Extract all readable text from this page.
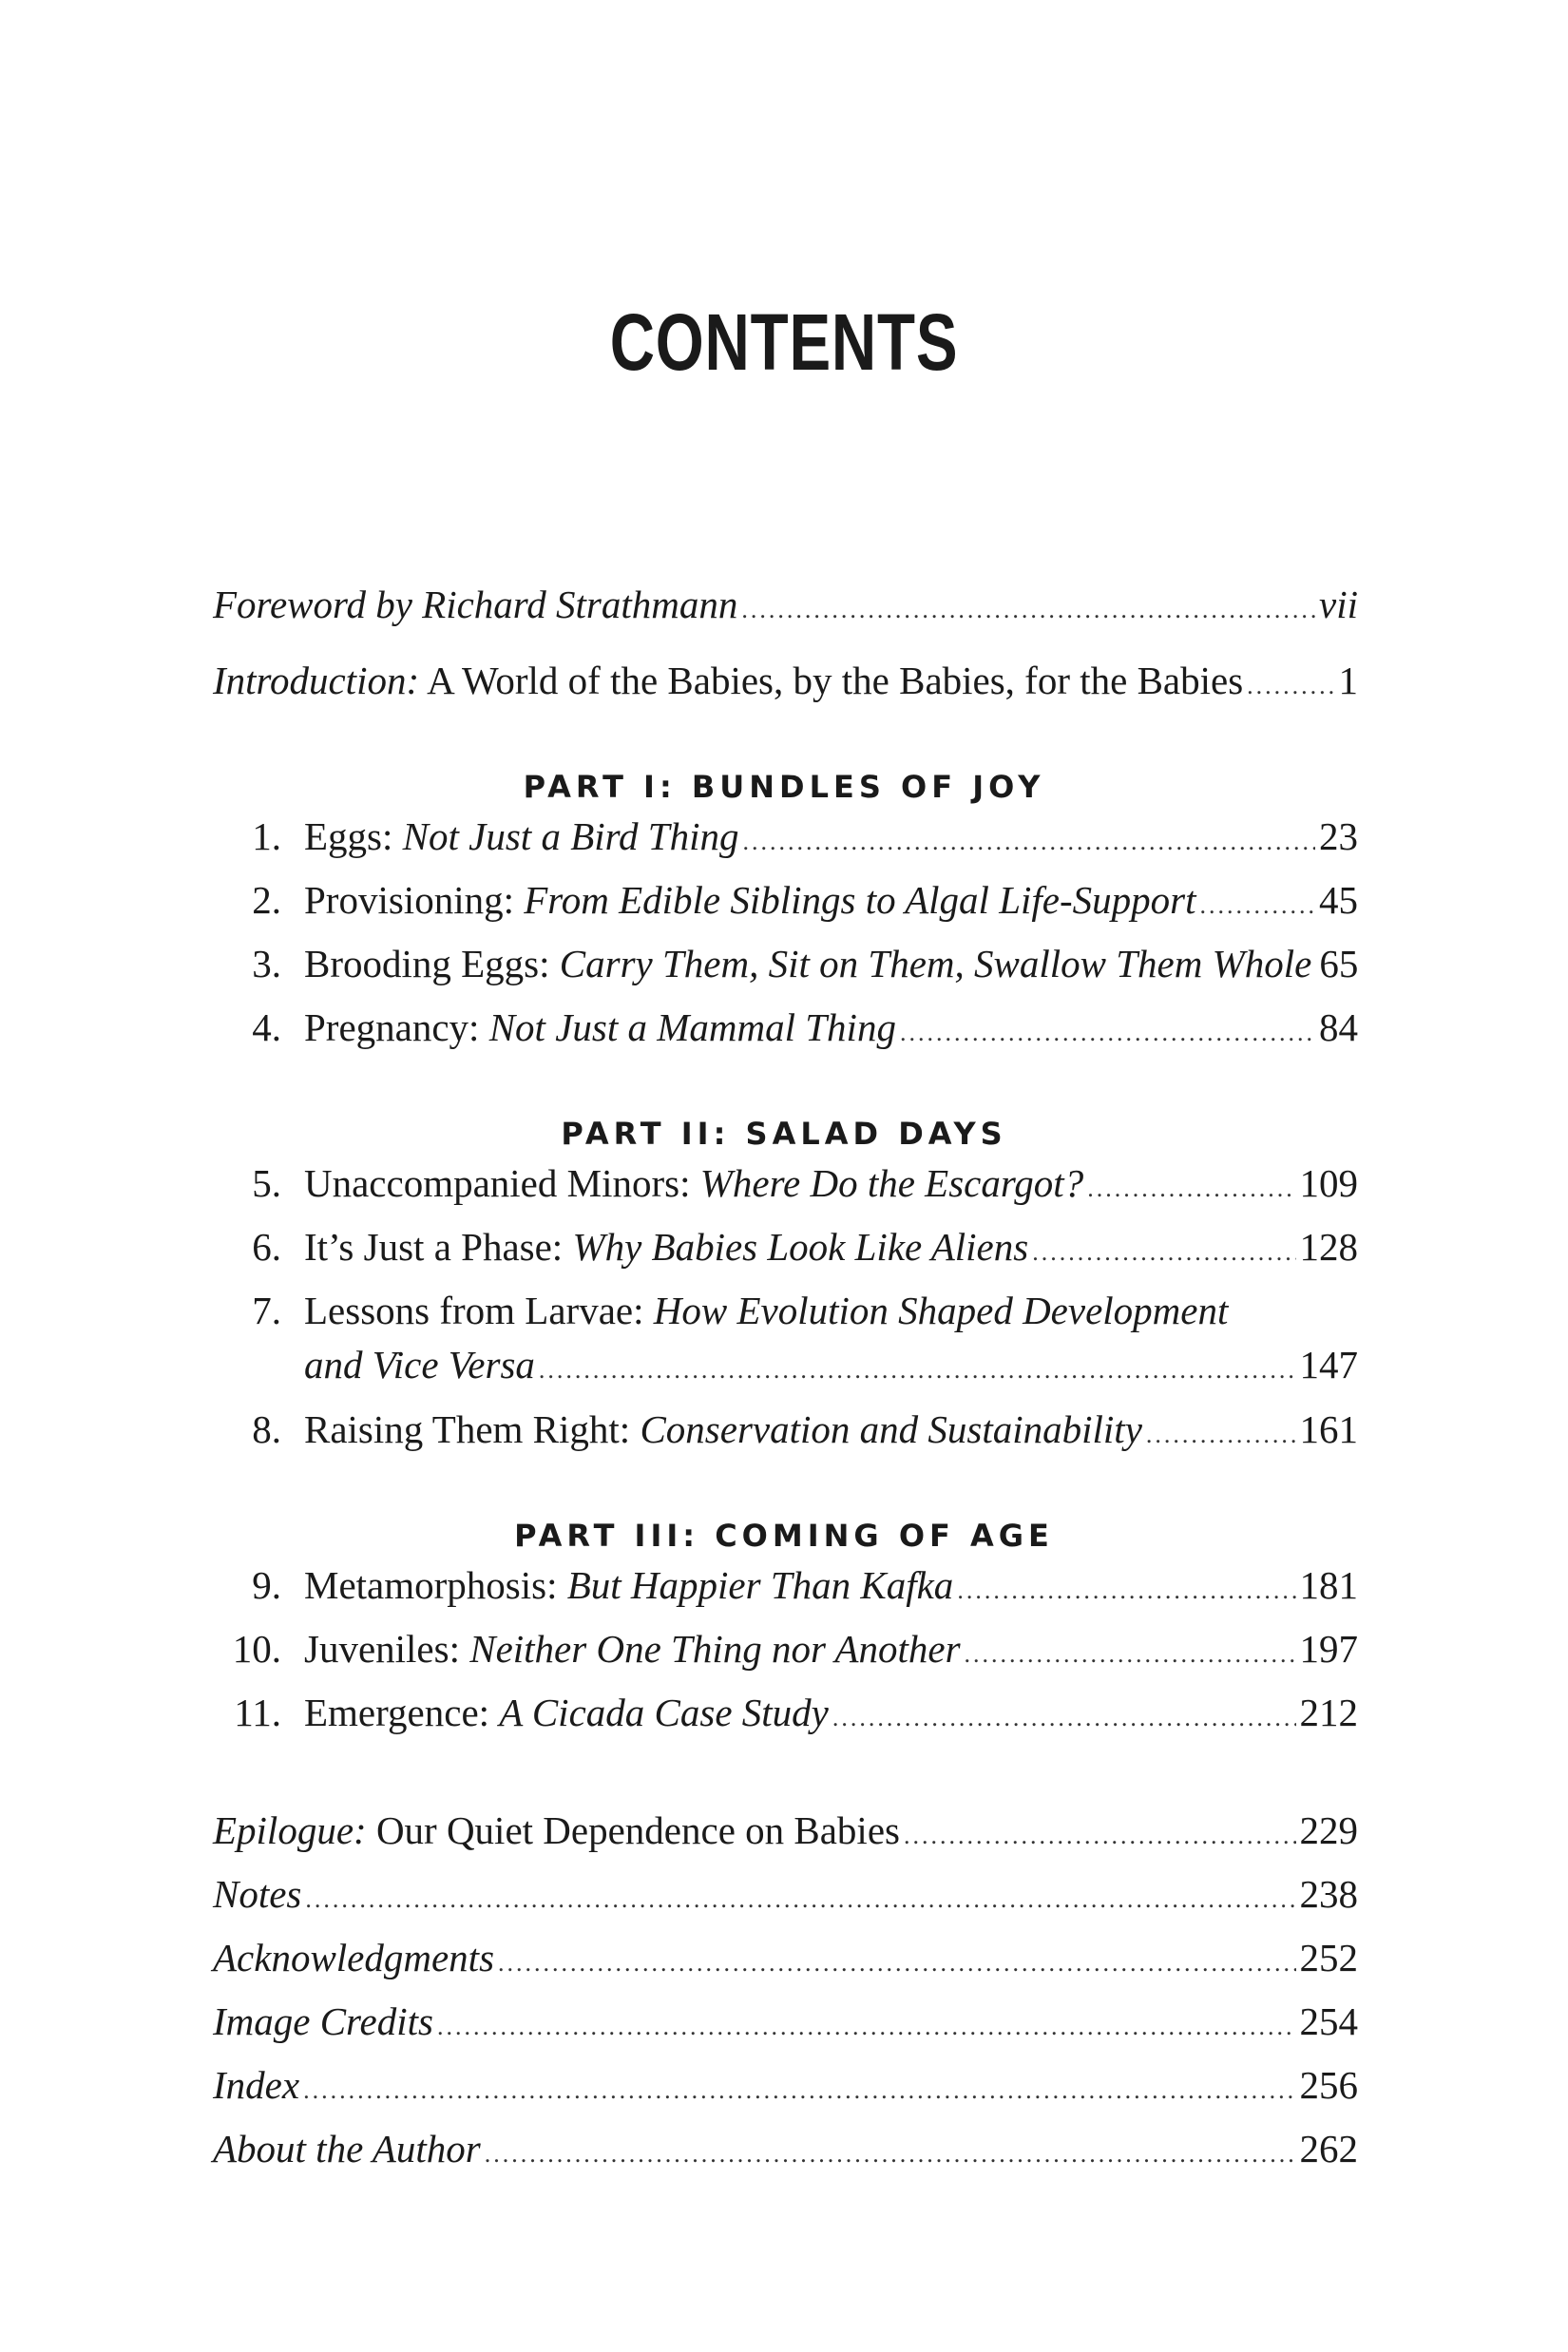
CONTENTS
Foreword by Richard Strathmann .....	vii
Introduction: A World of the Babies, by the Babies, for the Babies ..... 1
PART I: BUNDLES OF JOY
1. Eggs: Not Just a Bird Thing .....	23
2. Provisioning: From Edible Siblings to Algal Life-Support .....	45
3. Brooding Eggs: Carry Them, Sit on Them, Swallow Them Whole 65
4. Pregnancy: Not Just a Mammal Thing .....	84
PART II: SALAD DAYS
5. Unaccompanied Minors: Where Do the Escargot? .....	109
6. It’s Just a Phase: Why Babies Look Like Aliens .....	128
7. Lessons from Larvae: How Evolution Shaped Development
and Vice Versa .....	147
8. Raising Them Right: Conservation and Sustainability .....	161
PART III: COMING OF AGE
9. Metamorphosis: But Happier Than Kafka .....	181
10. Juveniles: Neither One Thing nor Another .....	197
11. Emergence: A Cicada Case Study .....	212
Epilogue: Our Quiet Dependence on Babies .....	229
Notes .....	238
Acknowledgments .....	252
Image Credits .....	254
Index .....	256
About the Author .....	262
